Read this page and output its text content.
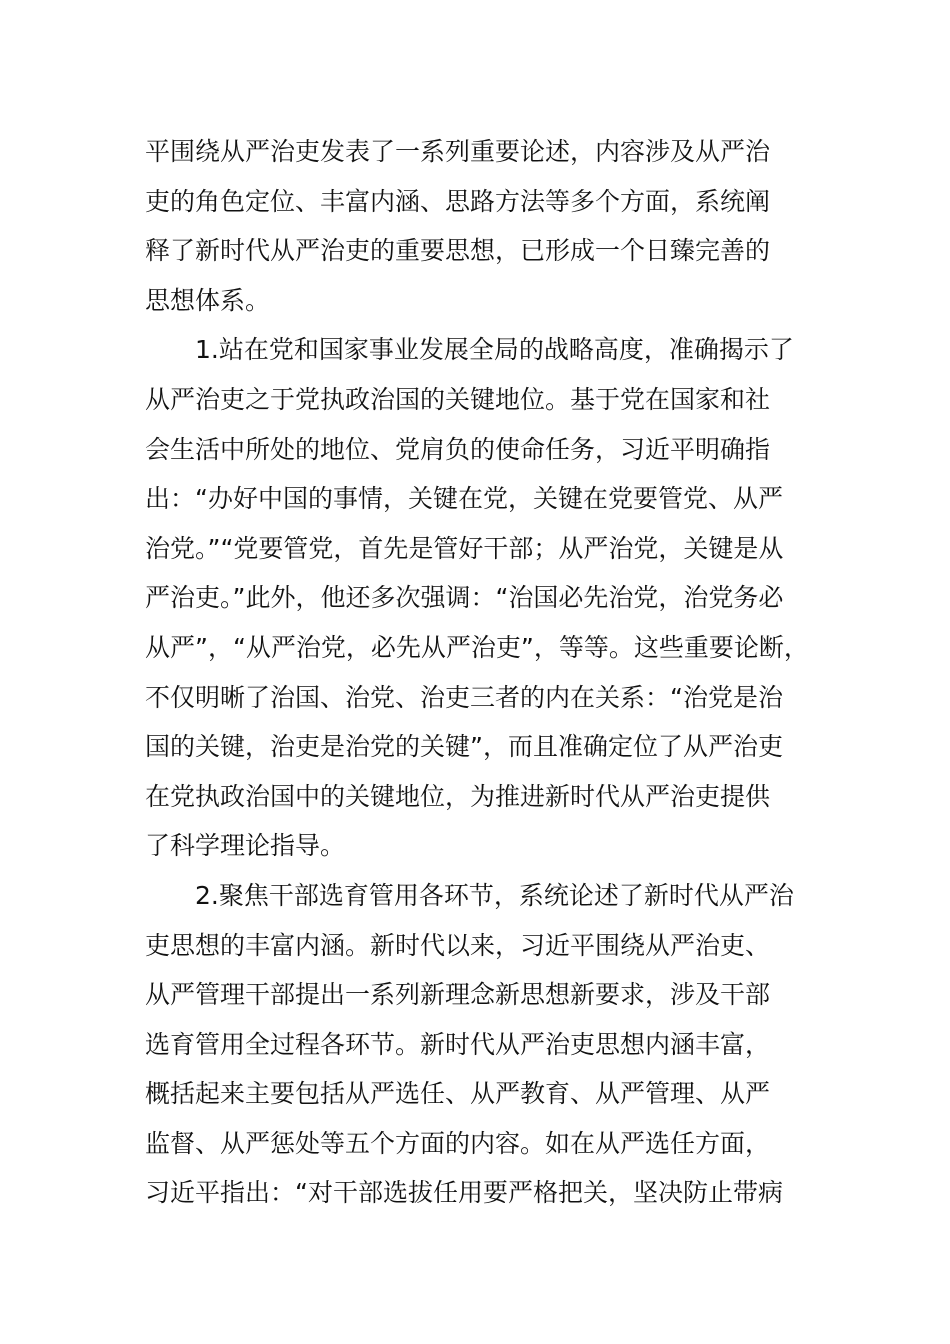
平围绕从严治吏发表了一系列重要论述，内容涉及从严治
吏的角色定位、丰富内涵、思路方法等多个方面，系统阐
释了新时代从严治吏的重要思想，已形成一个日臻完善的
思想体系。
1.站在党和国家事业发展全局的战略高度，准确揭示了
从严治吏之于党执政治国的关键地位。基于党在国家和社
会生活中所处的地位、党肩负的使命任务，习近平明确指
出：“办好中国的事情，关键在党，关键在党要管党、从严
治党。”“党要管党，首先是管好干部；从严治党，关键是从
严治吏。”此外，他还多次强调：“治国必先治党，治党务必
从严”，“从严治党，必先从严治吏”，等等。这些重要论断，
不仅明晰了治国、治党、治吏三者的内在关系：“治党是治
国的关键，治吏是治党的关键”，而且准确定位了从严治吏
在党执政治国中的关键地位，为推进新时代从严治吏提供
了科学理论指导。
2.聚焦干部选育管用各环节，系统论述了新时代从严治
吏思想的丰富内涵。新时代以来，习近平围绕从严治吏、
从严管理干部提出一系列新理念新思想新要求，涉及干部
选育管用全过程各环节。新时代从严治吏思想内涵丰富，
概括起来主要包括从严选任、从严教育、从严管理、从严
监督、从严惩处等五个方面的内容。如在从严选任方面，
习近平指出：“对干部选拔任用要严格把关，坚决防止带病
